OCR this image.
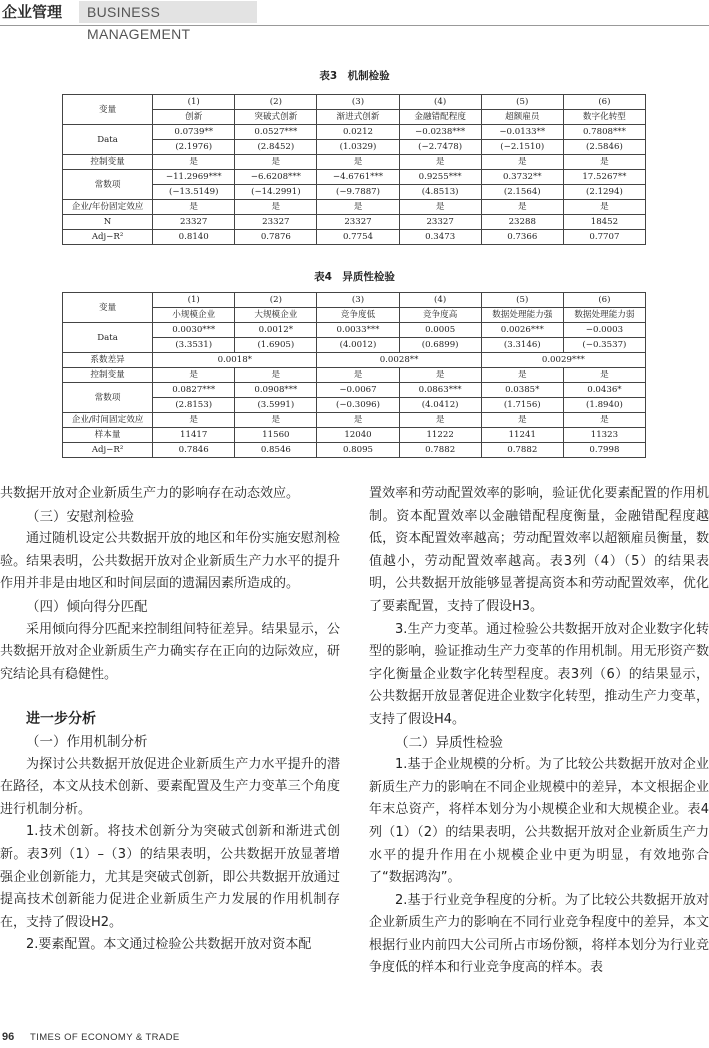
企业管理	BUSINESS MANAGEMENT
表3　机制检验
变量	(1)	(2)	(3)	(4)	(5)	(6)
	创新	突破式创新	渐进式创新	金融错配程度	超额雇员	数字化转型
Data	0.0739**	0.0527***	0.0212	−0.0238***	−0.0133**	0.7808***
	(2.1976)	(2.8452)	(1.0329)	(−2.7478)	(−2.1510)	(2.5846)
控制变量	是	是	是	是	是	是
常数项	−11.2969***	−6.6208***	−4.6761***	0.9255***	0.3732**	17.5267**
	(−13.5149)	(−14.2991)	(−9.7887)	(4.8513)	(2.1564)	(2.1294)
企业/年份固定效应	是	是	是	是	是	是
N	23327	23327	23327	23327	23288	18452
Adj−R²	0.8140	0.7876	0.7754	0.3473	0.7366	0.7707
表4　异质性检验
变量	(1)	(2)	(3)	(4)	(5)	(6)
	小规模企业	大规模企业	竞争度低	竞争度高	数据处理能力强	数据处理能力弱
Data	0.0030***	0.0012*	0.0033***	0.0005	0.0026***	−0.0003
	(3.3531)	(1.6905)	(4.0012)	(0.6899)	(3.3146)	(−0.3537)
系数差异	0.0018*		0.0028**		0.0029***	
控制变量	是	是	是	是	是	是
常数项	0.0827***	0.0908***	−0.0067	0.0863***	0.0385*	0.0436*
	(2.8153)	(3.5991)	(−0.3096)	(4.0412)	(1.7156)	(1.8940)
企业/时间固定效应	是	是	是	是	是	是
样本量	11417	11560	12040	11222	11241	11323
Adj−R²	0.7846	0.8546	0.8095	0.7882	0.7882	0.7998
共数据开放对企业新质生产力的影响存在动态效应。
（三）安慰剂检验
通过随机设定公共数据开放的地区和年份实施安慰剂检验。结果表明，公共数据开放对企业新质生产力水平的提升作用并非是由地区和时间层面的遗漏因素所造成的。
（四）倾向得分匹配
采用倾向得分匹配来控制组间特征差异。结果显示，公共数据开放对企业新质生产力确实存在正向的边际效应，研究结论具有稳健性。
进一步分析
（一）作用机制分析
为探讨公共数据开放促进企业新质生产力水平提升的潜在路径，本文从技术创新、要素配置及生产力变革三个角度进行机制分析。
1.技术创新。将技术创新分为突破式创新和渐进式创新。表3列（1）–（3）的结果表明，公共数据开放显著增强企业创新能力，尤其是突破式创新，即公共数据开放通过提高技术创新能力促进企业新质生产力发展的作用机制存在，支持了假设H2。
2.要素配置。本文通过检验公共数据开放对资本配
置效率和劳动配置效率的影响，验证优化要素配置的作用机制。资本配置效率以金融错配程度衡量，金融错配程度越低，资本配置效率越高；劳动配置效率以超额雇员衡量，数值越小，劳动配置效率越高。表3列（4）（5）的结果表明，公共数据开放能够显著提高资本和劳动配置效率，优化了要素配置，支持了假设H3。
3.生产力变革。通过检验公共数据开放对企业数字化转型的影响，验证推动生产力变革的作用机制。用无形资产数字化衡量企业数字化转型程度。表3列（6）的结果显示，公共数据开放显著促进企业数字化转型，推动生产力变革，支持了假设H4。
（二）异质性检验
1.基于企业规模的分析。为了比较公共数据开放对企业新质生产力的影响在不同企业规模中的差异，本文根据企业年末总资产，将样本划分为小规模企业和大规模企业。表4列（1）（2）的结果表明，公共数据开放对企业新质生产力水平的提升作用在小规模企业中更为明显，有效地弥合了“数据鸿沟”。
2.基于行业竞争程度的分析。为了比较公共数据开放对企业新质生产力的影响在不同行业竞争程度中的差异，本文根据行业内前四大公司所占市场份额，将样本划分为行业竞争度低的样本和行业竞争度高的样本。表
96 TIMES OF ECONOMY & TRADE
